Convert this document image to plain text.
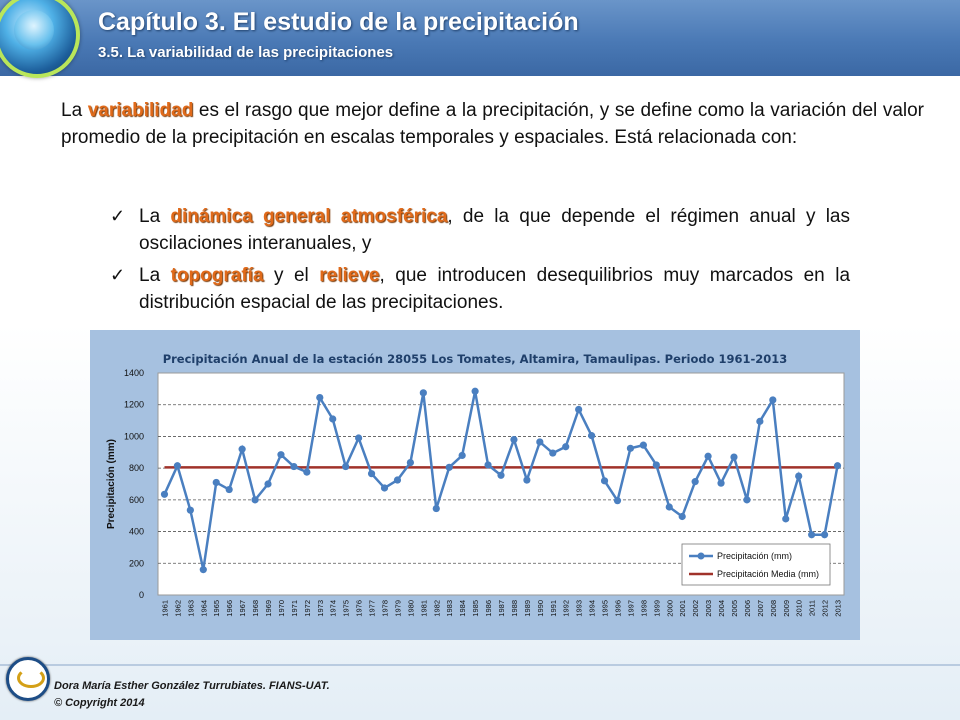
Capítulo 3. El estudio de la precipitación
3.5. La variabilidad de las precipitaciones
La variabilidad es el rasgo que mejor define a la precipitación, y se define como la variación del valor promedio de la precipitación en escalas temporales y espaciales. Está relacionada con:
✓ La dinámica general atmosférica, de la que depende el régimen anual y las oscilaciones interanuales, y
✓ La topografía y el relieve, que introducen desequilibrios muy marcados en la distribución espacial de las precipitaciones.
Precipitación Anual de la estación 28055 Los Tomates, Altamira, Tamaulipas. Periodo 1961-2013
0
200
400
600
800
1000
1200
1400
Precipitación (mm)
1961 1962 1963 1964 1965 1966 1967 1968 1969 1970 1971 1972 1973 1974 1975 1976 1977 1978 1979 1980 1981 1982 1983 1984 1985 1986 1987 1988 1989 1990 1991 1992 1993 1994 1995 1996 1997 1998 1999 2000 2001 2002 2003 2004 2005 2006 2007 2008 2009 2010 2011 2012 2013
Precipitación (mm)
Precipitación Media (mm)
Dora María Esther González Turrubiates. FIANS-UAT.
© Copyright 2014
